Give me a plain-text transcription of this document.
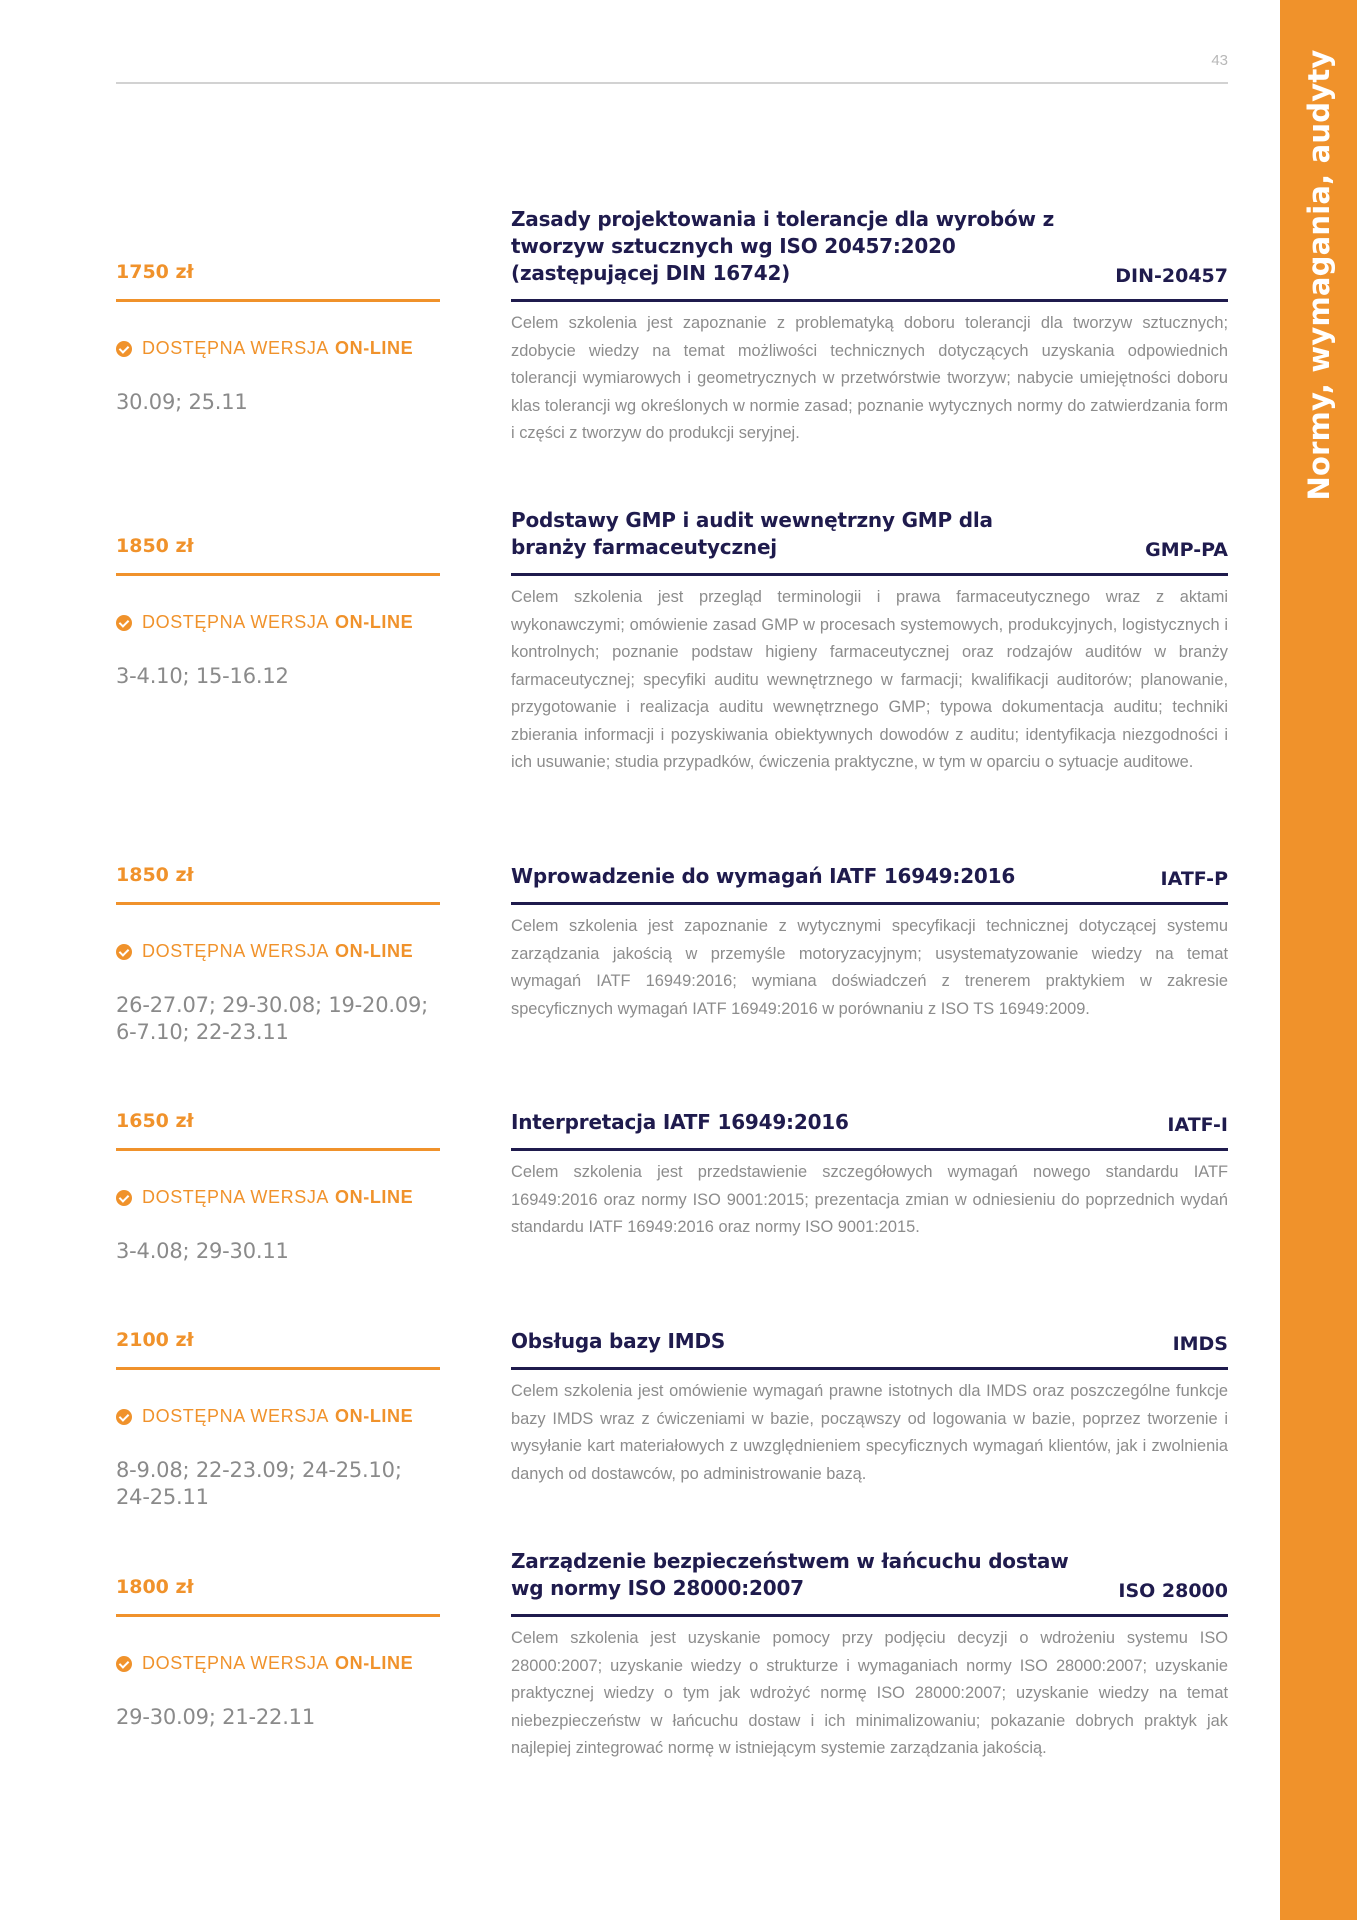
Normy, wymagania, audyty
43
1750 zł
DOSTĘPNA WERSJA ON-LINE
30.09; 25.11
Zasady projektowania i tolerancje dla wyrobów z tworzyw sztucznych wg ISO 20457:2020 (zastępującej DIN 16742)	DIN-20457
Celem szkolenia jest zapoznanie z problematyką doboru tolerancji dla tworzyw sztucznych; zdobycie wiedzy na temat możliwości technicznych dotyczących uzyskania odpowiednich tolerancji wymiarowych i geometrycznych w przetwórstwie tworzyw; nabycie umiejętności doboru klas tolerancji wg określonych w normie zasad; poznanie wytycznych normy do zatwierdzania form i części z tworzyw do produkcji seryjnej.
1850 zł
DOSTĘPNA WERSJA ON-LINE
3-4.10; 15-16.12
Podstawy GMP i audit wewnętrzny GMP dla branży farmaceutycznej	GMP-PA
Celem szkolenia jest przegląd terminologii i prawa farmaceutycznego wraz z aktami wykonawczymi; omówienie zasad GMP w procesach systemowych, produkcyjnych, logistycznych i kontrolnych; poznanie podstaw higieny farmaceutycznej oraz rodzajów auditów w branży farmaceutycznej; specyfiki auditu wewnętrznego w farmacji; kwalifikacji auditorów; planowanie, przygotowanie i realizacja auditu wewnętrznego GMP; typowa dokumentacja auditu; techniki zbierania informacji i pozyskiwania obiektywnych dowodów z auditu; identyfikacja niezgodności i ich usuwanie; studia przypadków, ćwiczenia praktyczne, w tym w oparciu o sytuacje auditowe.
1850 zł
DOSTĘPNA WERSJA ON-LINE
26-27.07; 29-30.08; 19-20.09; 6-7.10; 22-23.11
Wprowadzenie do wymagań IATF 16949:2016	IATF-P
Celem szkolenia jest zapoznanie z wytycznymi specyfikacji technicznej dotyczącej systemu zarządzania jakością w przemyśle motoryzacyjnym; usystematyzowanie wiedzy na temat wymagań IATF 16949:2016; wymiana doświadczeń z trenerem praktykiem w zakresie specyficznych wymagań IATF 16949:2016 w porównaniu z ISO TS 16949:2009.
1650 zł
DOSTĘPNA WERSJA ON-LINE
3-4.08; 29-30.11
Interpretacja IATF 16949:2016	IATF-I
Celem szkolenia jest przedstawienie szczegółowych wymagań nowego standardu IATF 16949:2016 oraz normy ISO 9001:2015; prezentacja zmian w odniesieniu do poprzednich wydań standardu IATF 16949:2016 oraz normy ISO 9001:2015.
2100 zł
DOSTĘPNA WERSJA ON-LINE
8-9.08; 22-23.09; 24-25.10; 24-25.11
Obsługa bazy IMDS	IMDS
Celem szkolenia jest omówienie wymagań prawne istotnych dla IMDS oraz poszczególne funkcje bazy IMDS wraz z ćwiczeniami w bazie, począwszy od logowania w bazie, poprzez tworzenie i wysyłanie kart materiałowych z uwzględnieniem specyficznych wymagań klientów, jak i zwolnienia danych od dostawców, po administrowanie bazą.
1800 zł
DOSTĘPNA WERSJA ON-LINE
29-30.09; 21-22.11
Zarządzenie bezpieczeństwem w łańcuchu dostaw wg normy ISO 28000:2007	ISO 28000
Celem szkolenia jest uzyskanie pomocy przy podjęciu decyzji o wdrożeniu systemu ISO 28000:2007; uzyskanie wiedzy o strukturze i wymaganiach normy ISO 28000:2007; uzyskanie praktycznej wiedzy o tym jak wdrożyć normę ISO 28000:2007; uzyskanie wiedzy na temat niebezpieczeństw w łańcuchu dostaw i ich minimalizowaniu; pokazanie dobrych praktyk jak najlepiej zintegrować normę w istniejącym systemie zarządzania jakością.
